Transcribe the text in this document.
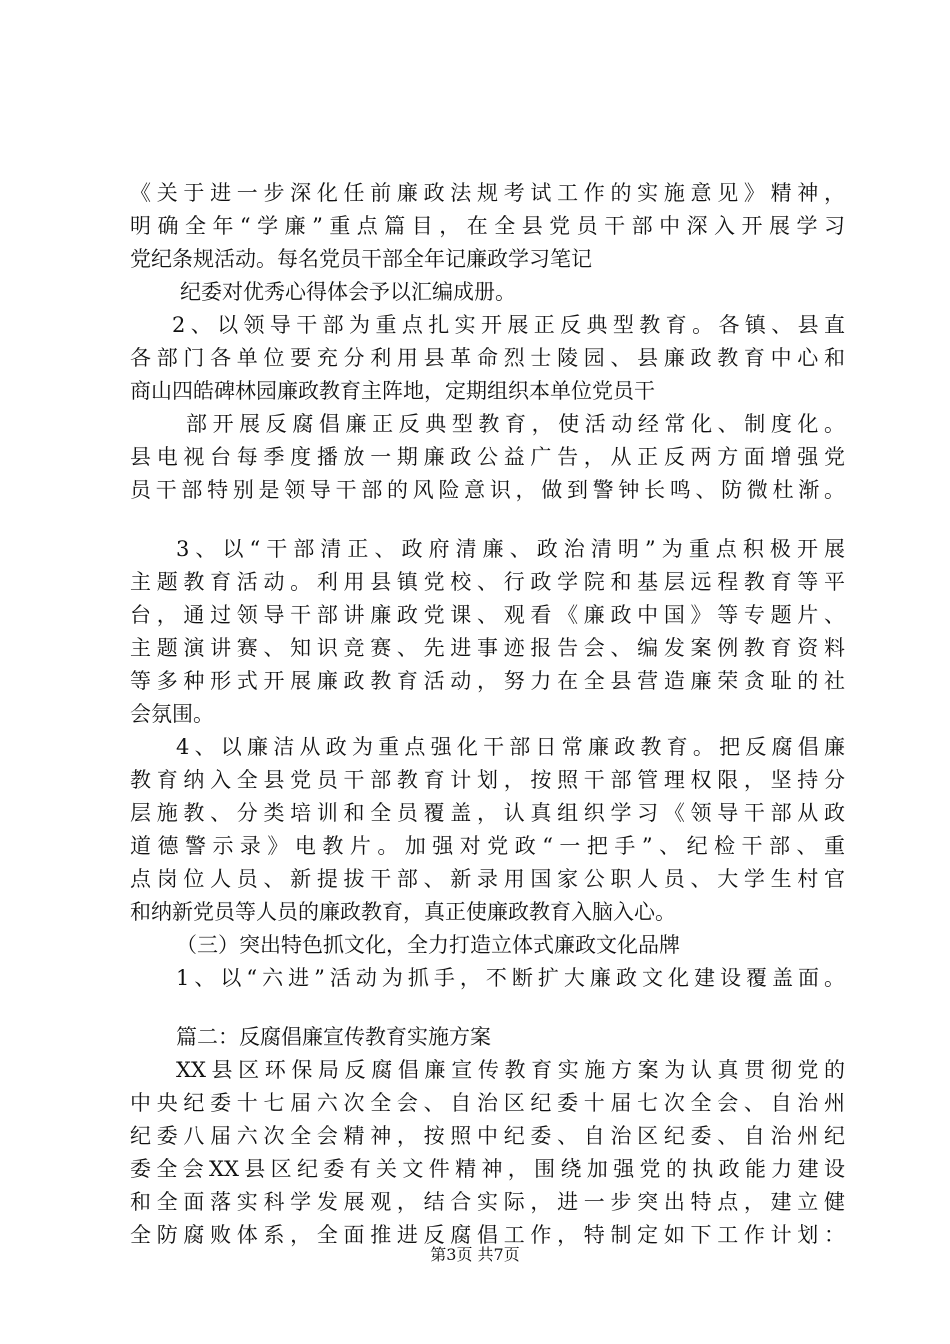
《关于进一步深化任前廉政法规考试工作的实施意见》精神，
明确全年“学廉”重点篇目，在全县党员干部中深入开展学习
党纪条规活动。每名党员干部全年记廉政学习笔记
纪委对优秀心得体会予以汇编成册。
2、以领导干部为重点扎实开展正反典型教育。各镇、县直
各部门各单位要充分利用县革命烈士陵园、县廉政教育中心和
商山四皓碑林园廉政教育主阵地，定期组织本单位党员干
部开展反腐倡廉正反典型教育，使活动经常化、制度化。
县电视台每季度播放一期廉政公益广告，从正反两方面增强党
员干部特别是领导干部的风险意识，做到警钟长鸣、防微杜渐。
3、以“干部清正、政府清廉、政治清明”为重点积极开展
主题教育活动。利用县镇党校、行政学院和基层远程教育等平
台，通过领导干部讲廉政党课、观看《廉政中国》等专题片、
主题演讲赛、知识竞赛、先进事迹报告会、编发案例教育资料
等多种形式开展廉政教育活动，努力在全县营造廉荣贪耻的社
会氛围。
4、以廉洁从政为重点强化干部日常廉政教育。把反腐倡廉
教育纳入全县党员干部教育计划，按照干部管理权限，坚持分
层施教、分类培训和全员覆盖，认真组织学习《领导干部从政
道德警示录》电教片。加强对党政“一把手”、纪检干部、重
点岗位人员、新提拔干部、新录用国家公职人员、大学生村官
和纳新党员等人员的廉政教育，真正使廉政教育入脑入心。
（三）突出特色抓文化，全力打造立体式廉政文化品牌
1、以“六进”活动为抓手，不断扩大廉政文化建设覆盖面。
篇二：反腐倡廉宣传教育实施方案
XX县区环保局反腐倡廉宣传教育实施方案为认真贯彻党的
中央纪委十七届六次全会、自治区纪委十届七次全会、自治州
纪委八届六次全会精神，按照中纪委、自治区纪委、自治州纪
委全会XX县区纪委有关文件精神，围绕加强党的执政能力建设
和全面落实科学发展观，结合实际，进一步突出特点，建立健
全防腐败体系，全面推进反腐倡工作，特制定如下工作计划：
第3页 共7页
